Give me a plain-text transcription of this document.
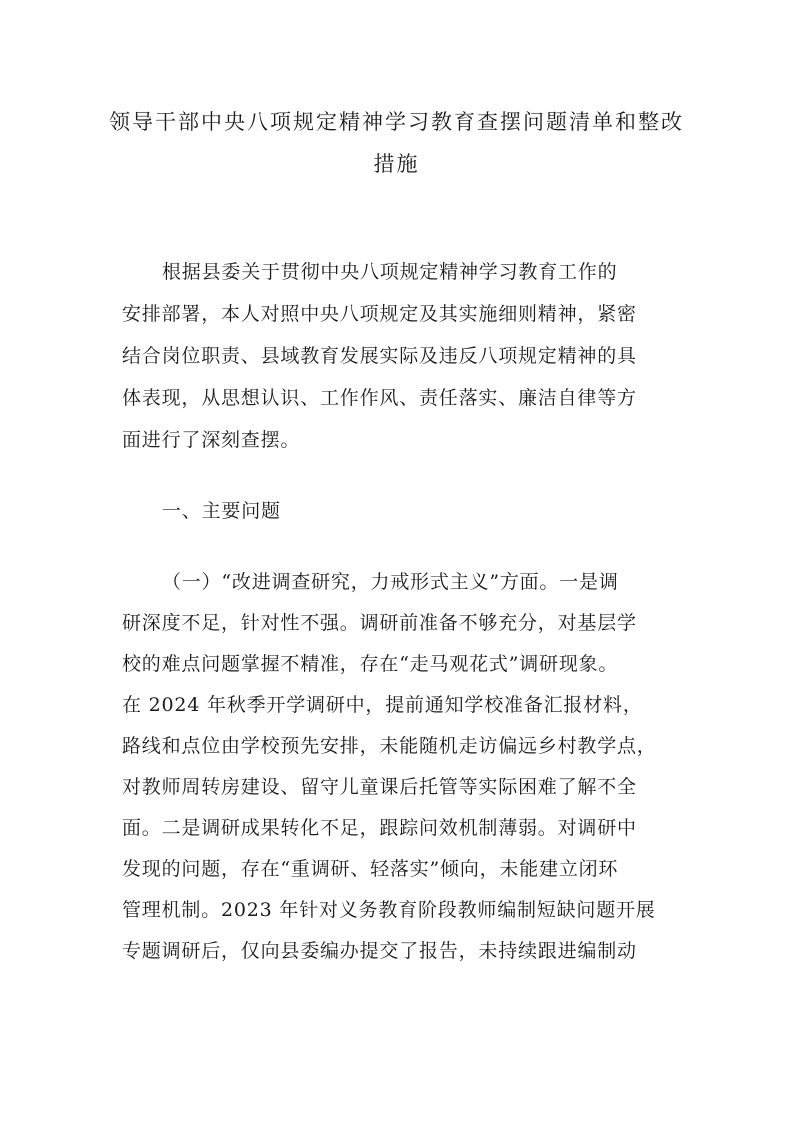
领导干部中央八项规定精神学习教育查摆问题清单和整改
措施
根据县委关于贯彻中央八项规定精神学习教育工作的
安排部署，本人对照中央八项规定及其实施细则精神，紧密
结合岗位职责、县域教育发展实际及违反八项规定精神的具
体表现，从思想认识、工作作风、责任落实、廉洁自律等方
面进行了深刻查摆。
一、主要问题
（一）“改进调查研究，力戒形式主义”方面。一是调
研深度不足，针对性不强。调研前准备不够充分，对基层学
校的难点问题掌握不精准，存在“走马观花式”调研现象。
在 2024 年秋季开学调研中，提前通知学校准备汇报材料，
路线和点位由学校预先安排，未能随机走访偏远乡村教学点，
对教师周转房建设、留守儿童课后托管等实际困难了解不全
面。二是调研成果转化不足，跟踪问效机制薄弱。对调研中
发现的问题，存在“重调研、轻落实”倾向，未能建立闭环
管理机制。2023 年针对义务教育阶段教师编制短缺问题开展
专题调研后，仅向县委编办提交了报告，未持续跟进编制动
